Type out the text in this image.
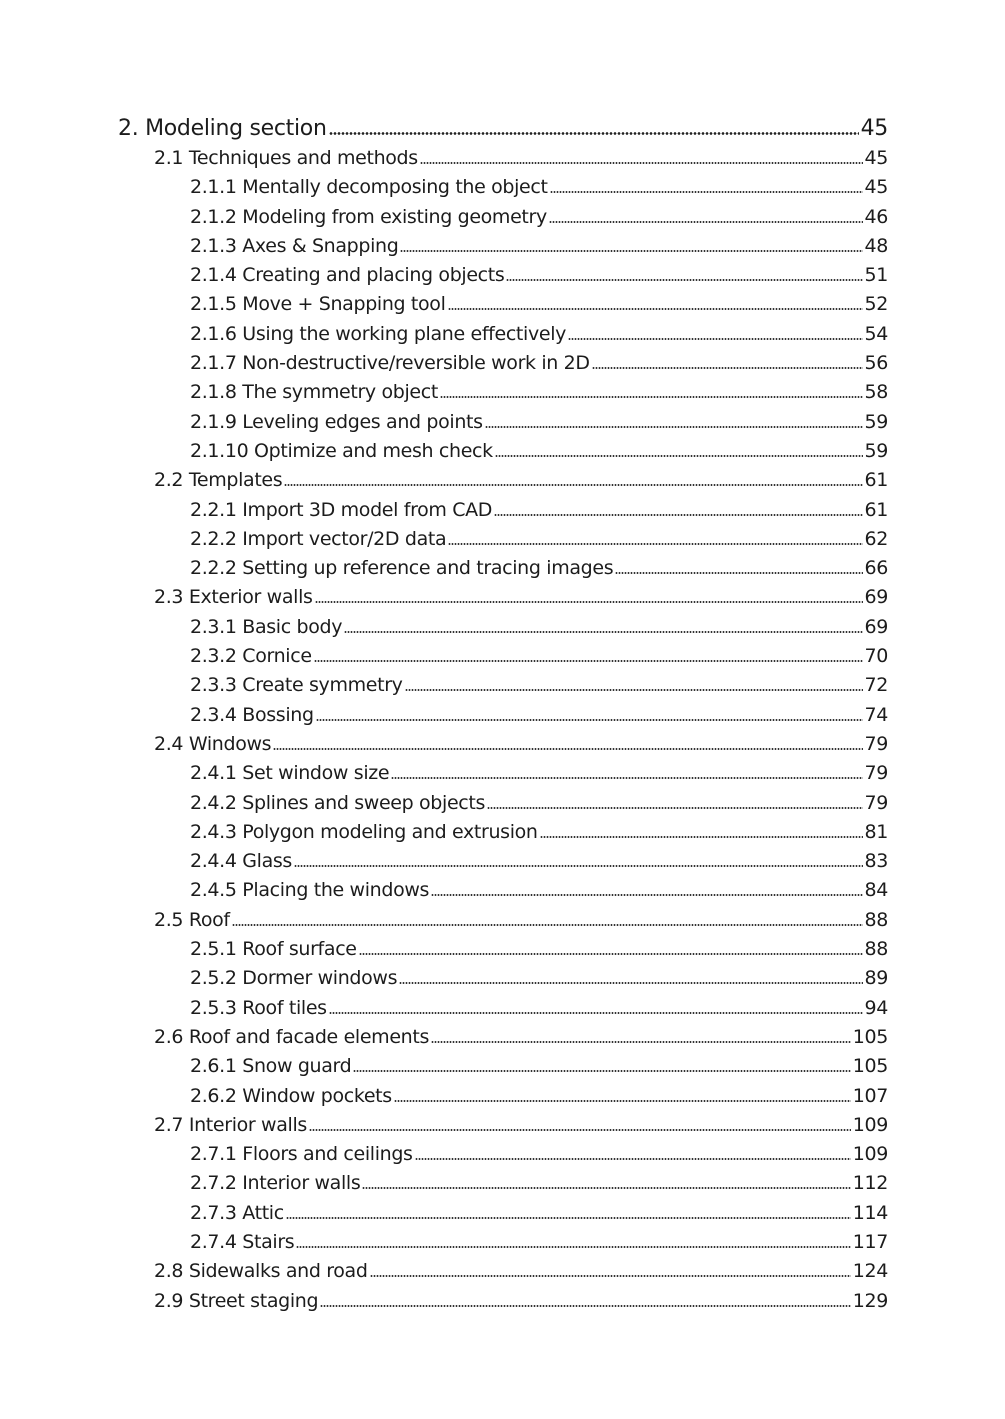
2. Modeling section	45
2.1 Techniques and methods	45
2.1.1 Mentally decomposing the object	45
2.1.2 Modeling from existing geometry	46
2.1.3 Axes & Snapping	48
2.1.4 Creating and placing objects	51
2.1.5 Move + Snapping tool	52
2.1.6 Using the working plane effectively	54
2.1.7 Non-destructive/reversible work in 2D	56
2.1.8 The symmetry object	58
2.1.9 Leveling edges and points	59
2.1.10 Optimize and mesh check	59
2.2 Templates	61
2.2.1 Import 3D model from CAD	61
2.2.2 Import vector/2D data	62
2.2.2 Setting up reference and tracing images	66
2.3 Exterior walls	69
2.3.1 Basic body	69
2.3.2 Cornice	70
2.3.3 Create symmetry	72
2.3.4 Bossing	74
2.4 Windows	79
2.4.1 Set window size	79
2.4.2 Splines and sweep objects	79
2.4.3 Polygon modeling and extrusion	81
2.4.4 Glass	83
2.4.5 Placing the windows	84
2.5 Roof	88
2.5.1 Roof surface	88
2.5.2 Dormer windows	89
2.5.3 Roof tiles	94
2.6 Roof and facade elements	105
2.6.1 Snow guard	105
2.6.2 Window pockets	107
2.7 Interior walls	109
2.7.1 Floors and ceilings	109
2.7.2 Interior walls	112
2.7.3 Attic	114
2.7.4 Stairs	117
2.8 Sidewalks and road	124
2.9 Street staging	129
